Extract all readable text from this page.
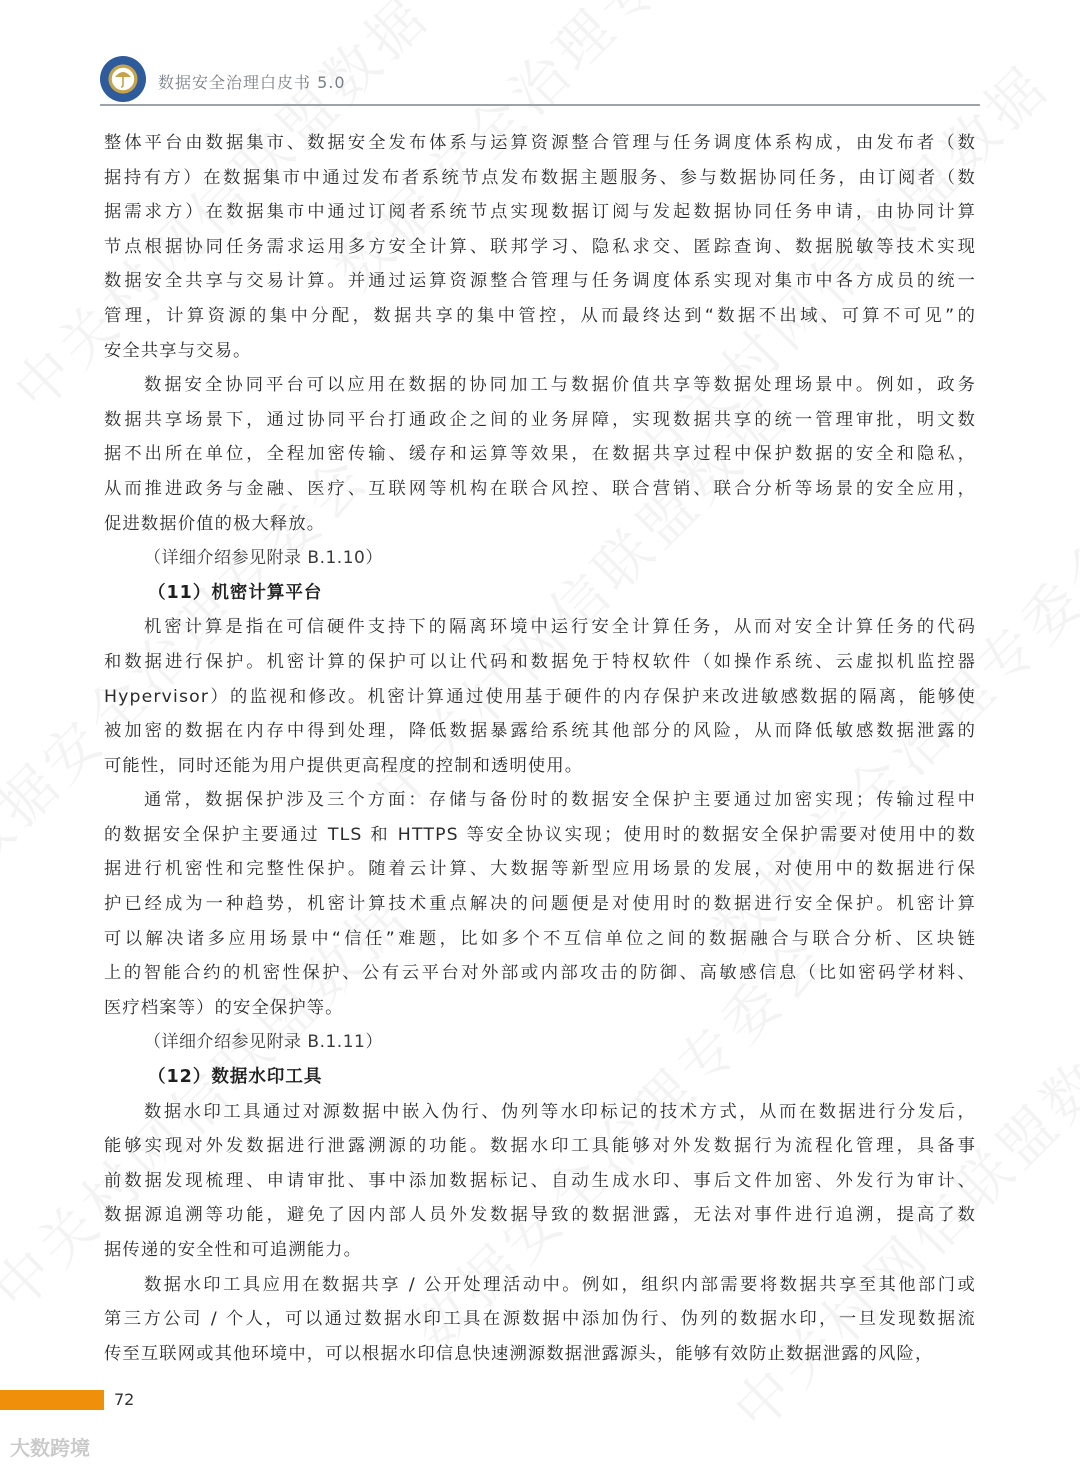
数据安全治理白皮书 5.0

整体平台由数据集市、数据安全发布体系与运算资源整合管理与任务调度体系构成，由发布者（数

据持有方）在数据集市中通过发布者系统节点发布数据主题服务、参与数据协同任务，由订阅者（数

据需求方）在数据集市中通过订阅者系统节点实现数据订阅与发起数据协同任务申请，由协同计算

节点根据协同任务需求运用多方安全计算、联邦学习、隐私求交、匿踪查询、数据脱敏等技术实现

数据安全共享与交易计算。并通过运算资源整合管理与任务调度体系实现对集市中各方成员的统一

管理，计算资源的集中分配，数据共享的集中管控，从而最终达到“数据不出域、可算不可见”的

安全共享与交易。

数据安全协同平台可以应用在数据的协同加工与数据价值共享等数据处理场景中。例如，政务

数据共享场景下，通过协同平台打通政企之间的业务屏障，实现数据共享的统一管理审批，明文数

据不出所在单位，全程加密传输、缓存和运算等效果，在数据共享过程中保护数据的安全和隐私，

从而推进政务与金融、医疗、互联网等机构在联合风控、联合营销、联合分析等场景的安全应用，

促进数据价值的极大释放。

（详细介绍参见附录 B.1.10）

（11）机密计算平台

机密计算是指在可信硬件支持下的隔离环境中运行安全计算任务，从而对安全计算任务的代码

和数据进行保护。机密计算的保护可以让代码和数据免于特权软件（如操作系统、云虚拟机监控器

Hypervisor）的监视和修改。机密计算通过使用基于硬件的内存保护来改进敏感数据的隔离，能够使

被加密的数据在内存中得到处理，降低数据暴露给系统其他部分的风险，从而降低敏感数据泄露的

可能性，同时还能为用户提供更高程度的控制和透明使用。

通常，数据保护涉及三个方面：存储与备份时的数据安全保护主要通过加密实现；传输过程中

的数据安全保护主要通过 TLS 和 HTTPS 等安全协议实现；使用时的数据安全保护需要对使用中的数

据进行机密性和完整性保护。随着云计算、大数据等新型应用场景的发展，对使用中的数据进行保

护已经成为一种趋势，机密计算技术重点解决的问题便是对使用时的数据进行安全保护。机密计算

可以解决诸多应用场景中“信任”难题，比如多个不互信单位之间的数据融合与联合分析、区块链

上的智能合约的机密性保护、公有云平台对外部或内部攻击的防御、高敏感信息（比如密码学材料、

医疗档案等）的安全保护等。

（详细介绍参见附录 B.1.11）

（12）数据水印工具

数据水印工具通过对源数据中嵌入伪行、伪列等水印标记的技术方式，从而在数据进行分发后，

能够实现对外发数据进行泄露溯源的功能。数据水印工具能够对外发数据行为流程化管理，具备事

前数据发现梳理、申请审批、事中添加数据标记、自动生成水印、事后文件加密、外发行为审计、

数据源追溯等功能，避免了因内部人员外发数据导致的数据泄露，无法对事件进行追溯，提高了数

据传递的安全性和可追溯能力。

数据水印工具应用在数据共享 / 公开处理活动中。例如，组织内部需要将数据共享至其他部门或

第三方公司 / 个人，可以通过数据水印工具在源数据中添加伪行、伪列的数据水印，一旦发现数据流

传至互联网或其他环境中，可以根据水印信息快速溯源数据泄露源头，能够有效防止数据泄露的风险，

72
大数跨境
